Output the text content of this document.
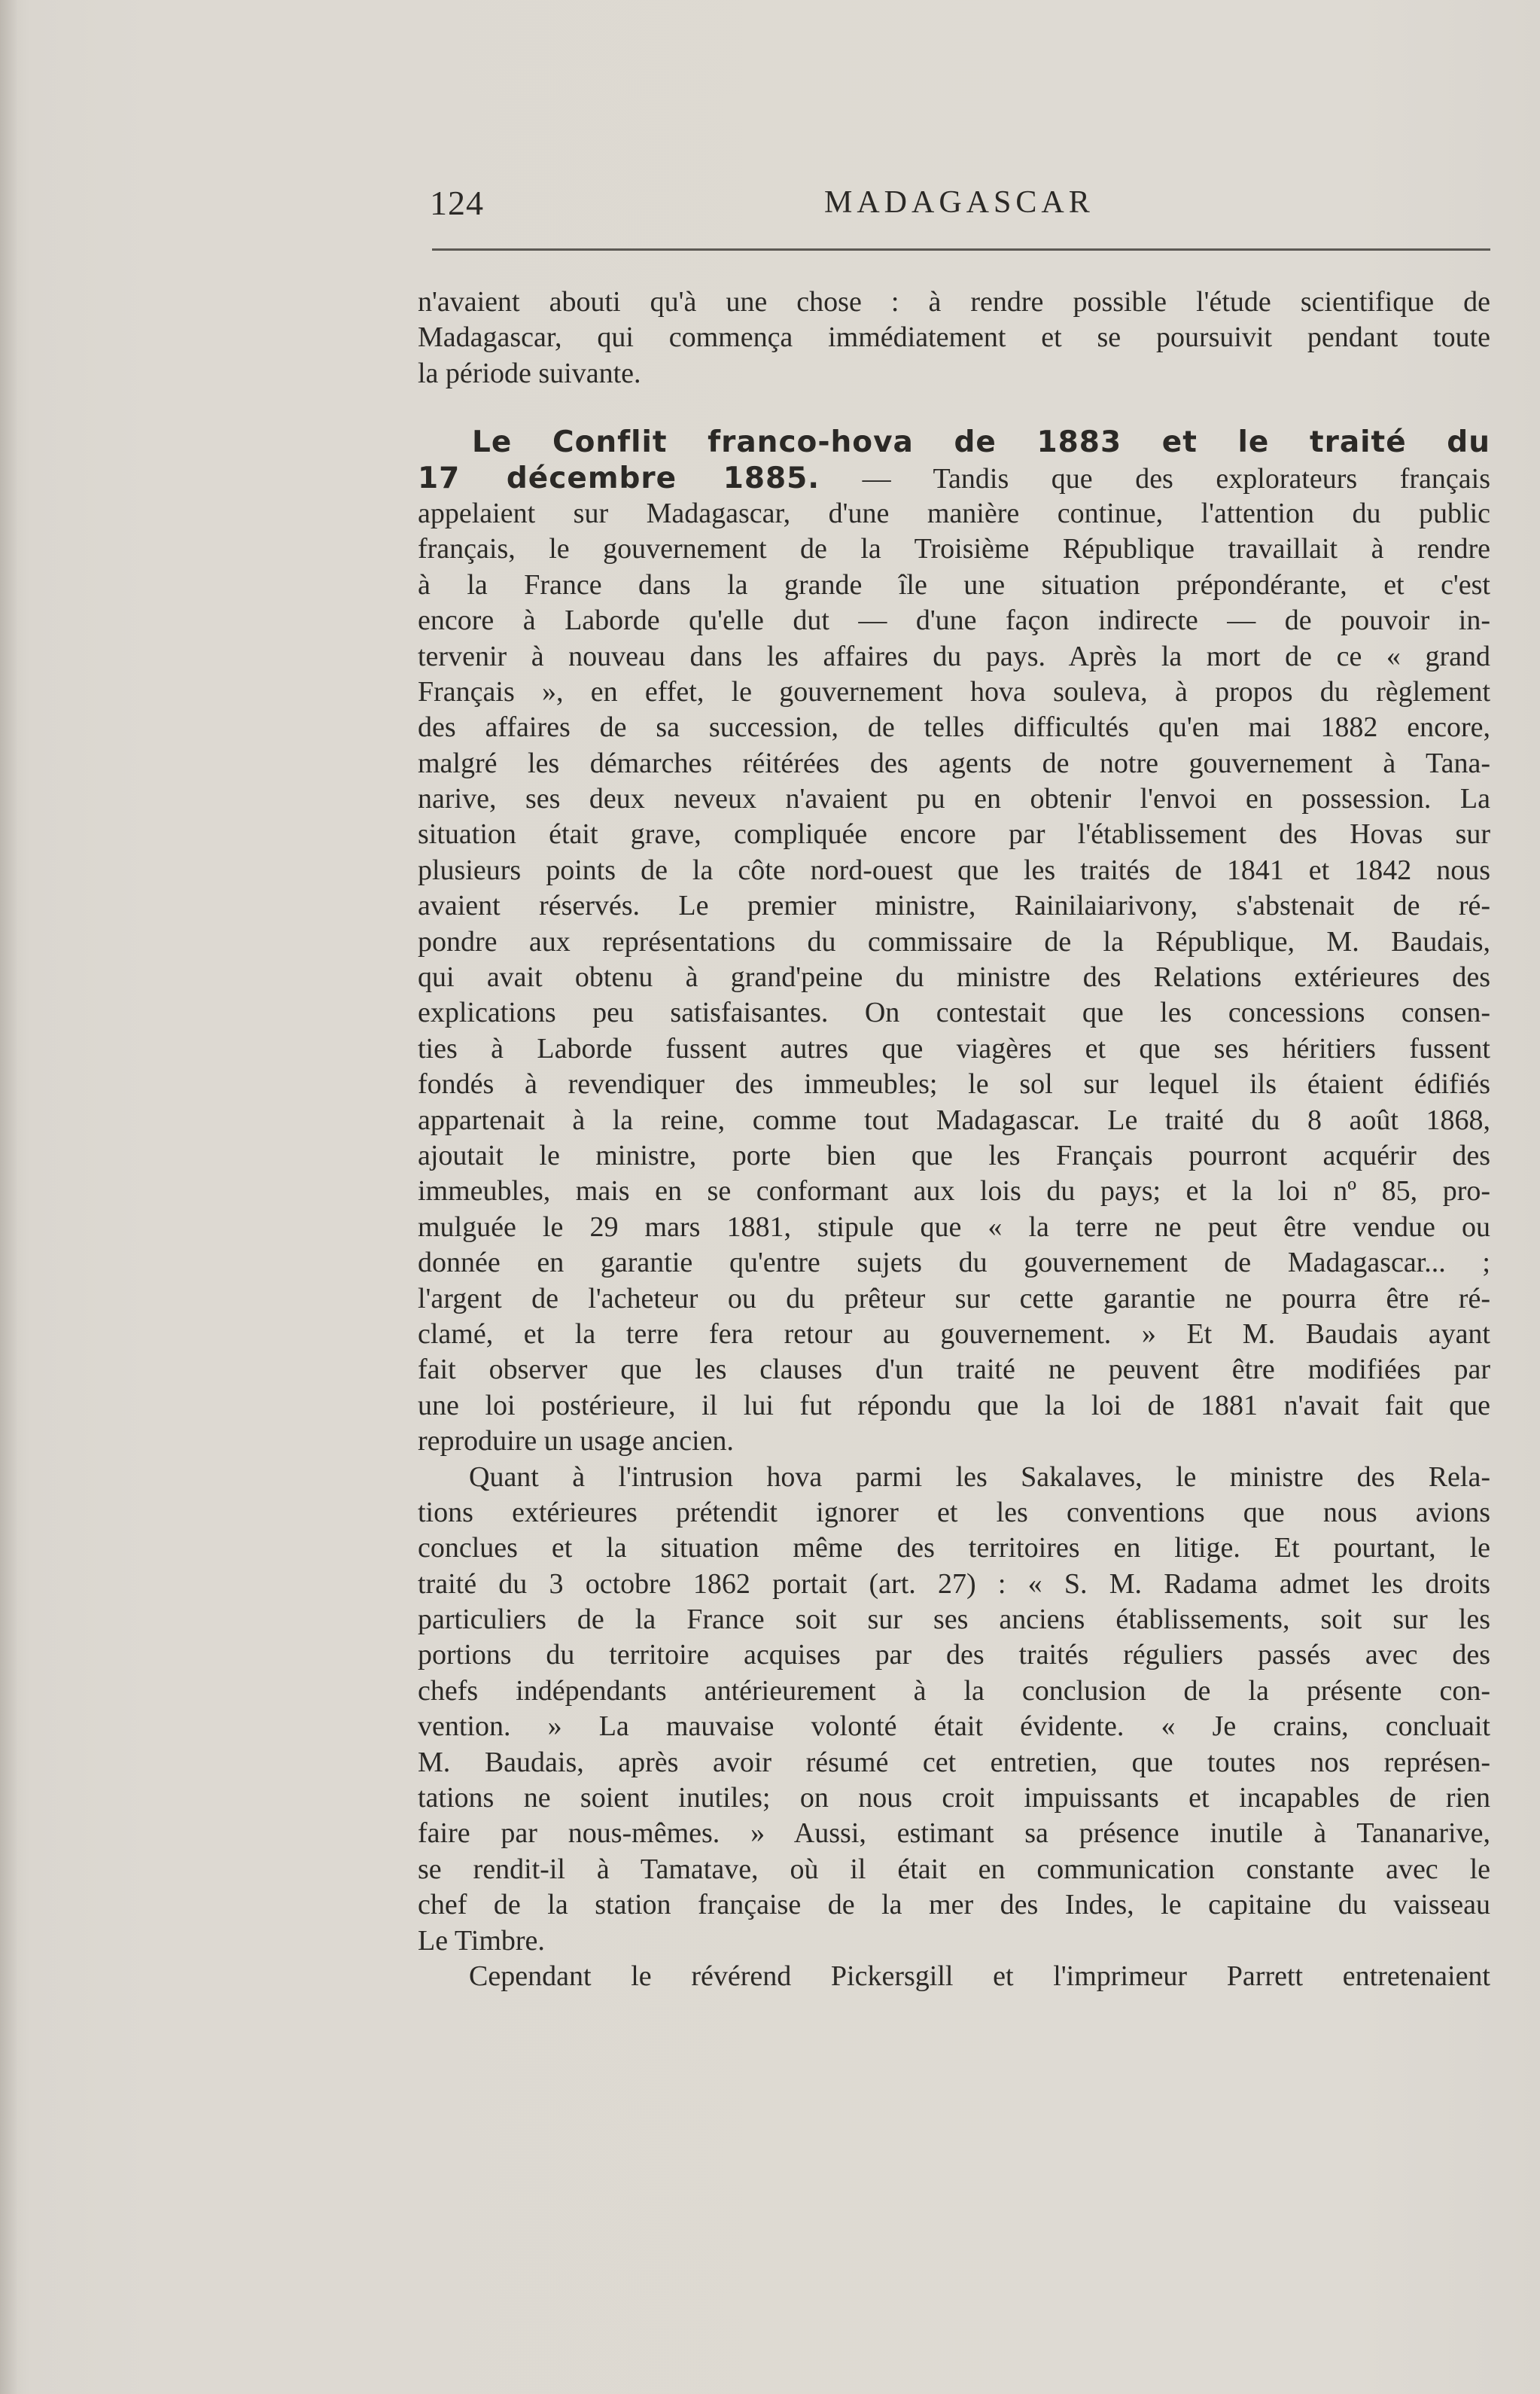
124	MADAGASCAR
n'avaient abouti qu'à une chose : à rendre possible l'étude scientifique de
Madagascar, qui commença immédiatement et se poursuivit pendant toute
la période suivante.
Le Conflit franco-hova de 1883 et le traité du
17 décembre 1885. — Tandis que des explorateurs français
appelaient sur Madagascar, d'une manière continue, l'attention du public
français, le gouvernement de la Troisième République travaillait à rendre
à la France dans la grande île une situation prépondérante, et c'est
encore à Laborde qu'elle dut — d'une façon indirecte — de pouvoir in-
tervenir à nouveau dans les affaires du pays. Après la mort de ce « grand
Français », en effet, le gouvernement hova souleva, à propos du règlement
des affaires de sa succession, de telles difficultés qu'en mai 1882 encore,
malgré les démarches réitérées des agents de notre gouvernement à Tana-
narive, ses deux neveux n'avaient pu en obtenir l'envoi en possession. La
situation était grave, compliquée encore par l'établissement des Hovas sur
plusieurs points de la côte nord-ouest que les traités de 1841 et 1842 nous
avaient réservés. Le premier ministre, Rainilaiarivony, s'abstenait de ré-
pondre aux représentations du commissaire de la République, M. Baudais,
qui avait obtenu à grand'peine du ministre des Relations extérieures des
explications peu satisfaisantes. On contestait que les concessions consen-
ties à Laborde fussent autres que viagères et que ses héritiers fussent
fondés à revendiquer des immeubles; le sol sur lequel ils étaient édifiés
appartenait à la reine, comme tout Madagascar. Le traité du 8 août 1868,
ajoutait le ministre, porte bien que les Français pourront acquérir des
immeubles, mais en se conformant aux lois du pays; et la loi nº 85, pro-
mulguée le 29 mars 1881, stipule que « la terre ne peut être vendue ou
donnée en garantie qu'entre sujets du gouvernement de Madagascar... ;
l'argent de l'acheteur ou du prêteur sur cette garantie ne pourra être ré-
clamé, et la terre fera retour au gouvernement. » Et M. Baudais ayant
fait observer que les clauses d'un traité ne peuvent être modifiées par
une loi postérieure, il lui fut répondu que la loi de 1881 n'avait fait que
reproduire un usage ancien.
Quant à l'intrusion hova parmi les Sakalaves, le ministre des Rela-
tions extérieures prétendit ignorer et les conventions que nous avions
conclues et la situation même des territoires en litige. Et pourtant, le
traité du 3 octobre 1862 portait (art. 27) : « S. M. Radama admet les droits
particuliers de la France soit sur ses anciens établissements, soit sur les
portions du territoire acquises par des traités réguliers passés avec des
chefs indépendants antérieurement à la conclusion de la présente con-
vention. » La mauvaise volonté était évidente. « Je crains, concluait
M. Baudais, après avoir résumé cet entretien, que toutes nos représen-
tations ne soient inutiles; on nous croit impuissants et incapables de rien
faire par nous-mêmes. » Aussi, estimant sa présence inutile à Tananarive,
se rendit-il à Tamatave, où il était en communication constante avec le
chef de la station française de la mer des Indes, le capitaine du vaisseau
Le Timbre.
Cependant le révérend Pickersgill et l'imprimeur Parrett entretenaient
